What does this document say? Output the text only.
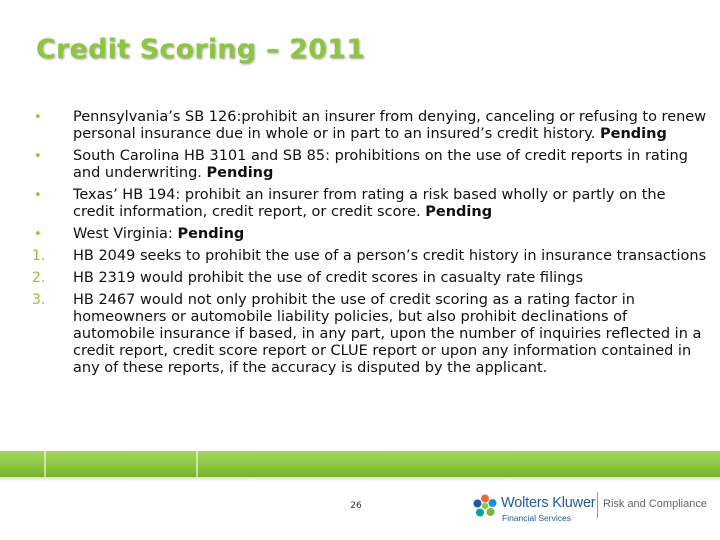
Credit Scoring – 2011
•	Pennsylvania’s SB 126:prohibit an insurer from denying, canceling or refusing to renew personal insurance due in whole or in part to an insured’s credit history. Pending
•	South Carolina HB 3101 and SB 85: prohibitions on the use of credit reports in rating and underwriting. Pending
•	Texas’ HB 194: prohibit an insurer from rating a risk based wholly or partly on the credit information, credit report, or credit score. Pending
•	West Virginia: Pending
1.	HB 2049 seeks to prohibit the use of a person’s credit history in insurance transactions
2.	HB 2319 would prohibit the use of credit scores in casualty rate filings
3.	HB 2467 would not only prohibit the use of credit scoring as a rating factor in homeowners or automobile liability policies, but also prohibit declinations of automobile insurance if based, in any part, upon the number of inquiries reflected in a credit report, credit score report or CLUE report or upon any information contained in any of these reports, if the accuracy is disputed by the applicant.
26	Wolters Kluwer
Financial Services
Risk and Compliance
